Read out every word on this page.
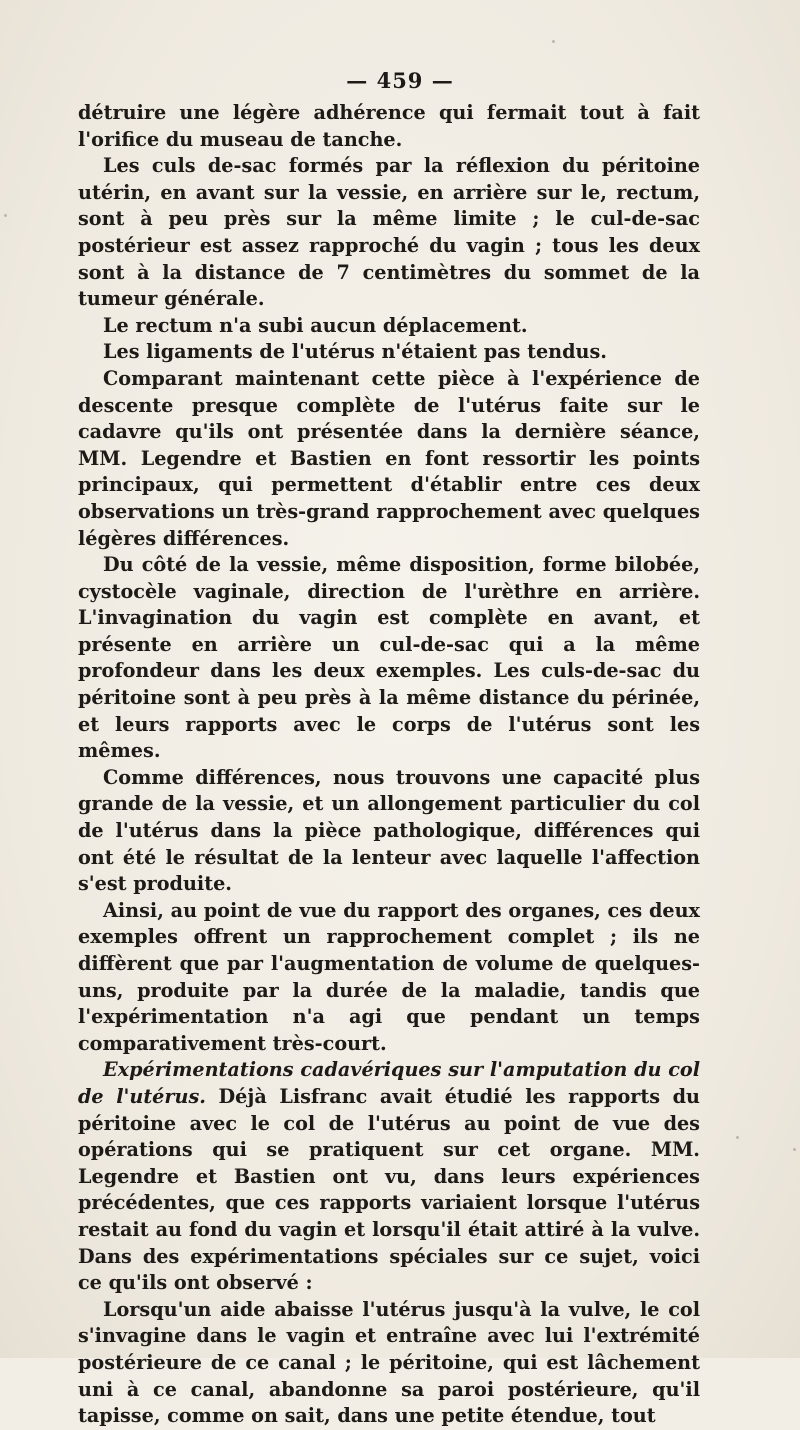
— 459 —

détruire une légère adhérence qui fermait tout à fait l'orifice du museau de tanche.

Les culs de-sac formés par la réflexion du péritoine utérin, en avant sur la vessie, en arrière sur le, rectum, sont à peu près sur la même limite ; le cul-de-sac postérieur est assez rapproché du vagin ; tous les deux sont à la distance de 7 centimètres du sommet de la tumeur générale.

Le rectum n'a subi aucun déplacement.

Les ligaments de l'utérus n'étaient pas tendus.

Comparant maintenant cette pièce à l'expérience de descente presque complète de l'utérus faite sur le cadavre qu'ils ont présentée dans la dernière séance, MM. Legendre et Bastien en font ressortir les points principaux, qui permettent d'établir entre ces deux observations un très-grand rapprochement avec quelques légères différences.

Du côté de la vessie, même disposition, forme bilobée, cystocèle vaginale, direction de l'urèthre en arrière. L'invagination du vagin est complète en avant, et présente en arrière un cul-de-sac qui a la même profondeur dans les deux exemples. Les culs-de-sac du péritoine sont à peu près à la même distance du périnée, et leurs rapports avec le corps de l'utérus sont les mêmes.

Comme différences, nous trouvons une capacité plus grande de la vessie, et un allongement particulier du col de l'utérus dans la pièce pathologique, différences qui ont été le résultat de la lenteur avec laquelle l'affection s'est produite.

Ainsi, au point de vue du rapport des organes, ces deux exemples offrent un rapprochement complet ; ils ne diffèrent que par l'augmentation de volume de quelques-uns, produite par la durée de la maladie, tandis que l'expérimentation n'a agi que pendant un temps comparativement très-court.

Expérimentations cadavériques sur l'amputation du col de l'utérus. Déjà Lisfranc avait étudié les rapports du péritoine avec le col de l'utérus au point de vue des opérations qui se pratiquent sur cet organe. MM. Legendre et Bastien ont vu, dans leurs expériences précédentes, que ces rapports variaient lorsque l'utérus restait au fond du vagin et lorsqu'il était attiré à la vulve. Dans des expérimentations spéciales sur ce sujet, voici ce qu'ils ont observé :

Lorsqu'un aide abaisse l'utérus jusqu'à la vulve, le col s'invagine dans le vagin et entraîne avec lui l'extrémité postérieure de ce canal ; le péritoine, qui est lâchement uni à ce canal, abandonne sa paroi postérieure, qu'il tapisse, comme on sait, dans une petite étendue, tout
